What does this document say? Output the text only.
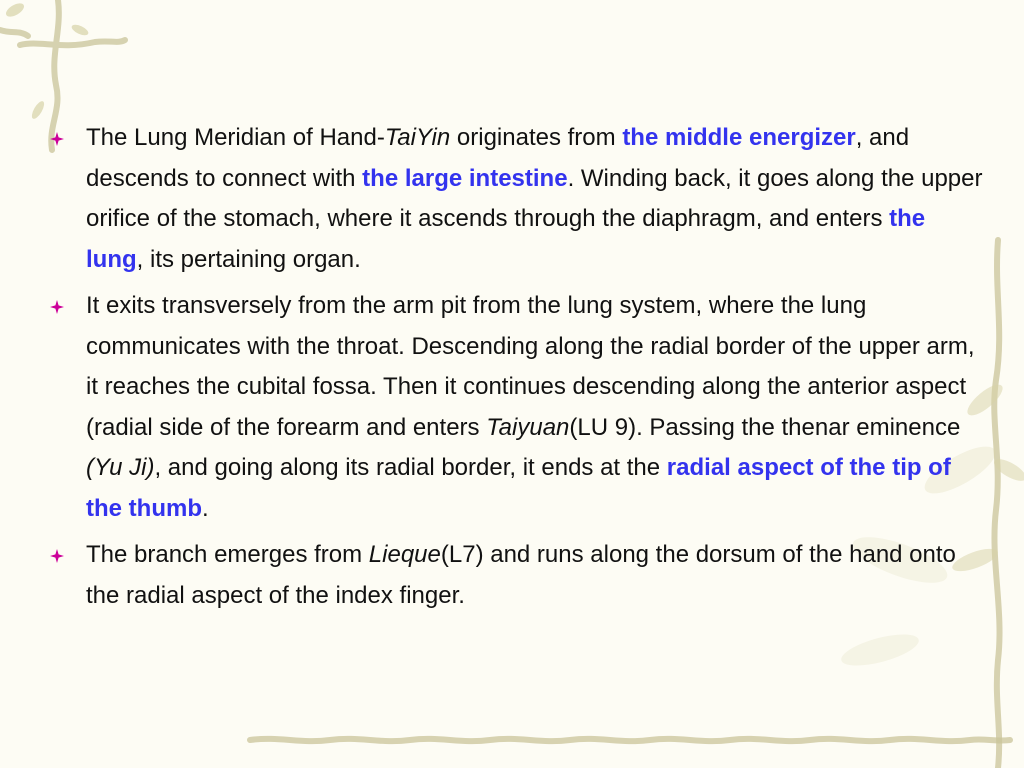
The Lung Meridian of Hand-TaiYin originates from the middle energizer, and descends to connect with the large intestine. Winding back, it goes along the upper orifice of the stomach, where it ascends through the diaphragm, and enters the lung, its pertaining organ.
It exits transversely from the arm pit from the lung system, where the lung communicates with the throat. Descending along the radial border of the upper arm, it reaches the cubital fossa. Then it continues descending along the anterior aspect (radial side of the forearm and enters Taiyuan(LU 9). Passing the thenar eminence (Yu Ji), and going along its radial border, it ends at the radial aspect of the tip of the thumb.
The branch emerges from Lieque(L7) and runs along the dorsum of the hand onto the radial aspect of the index finger.
